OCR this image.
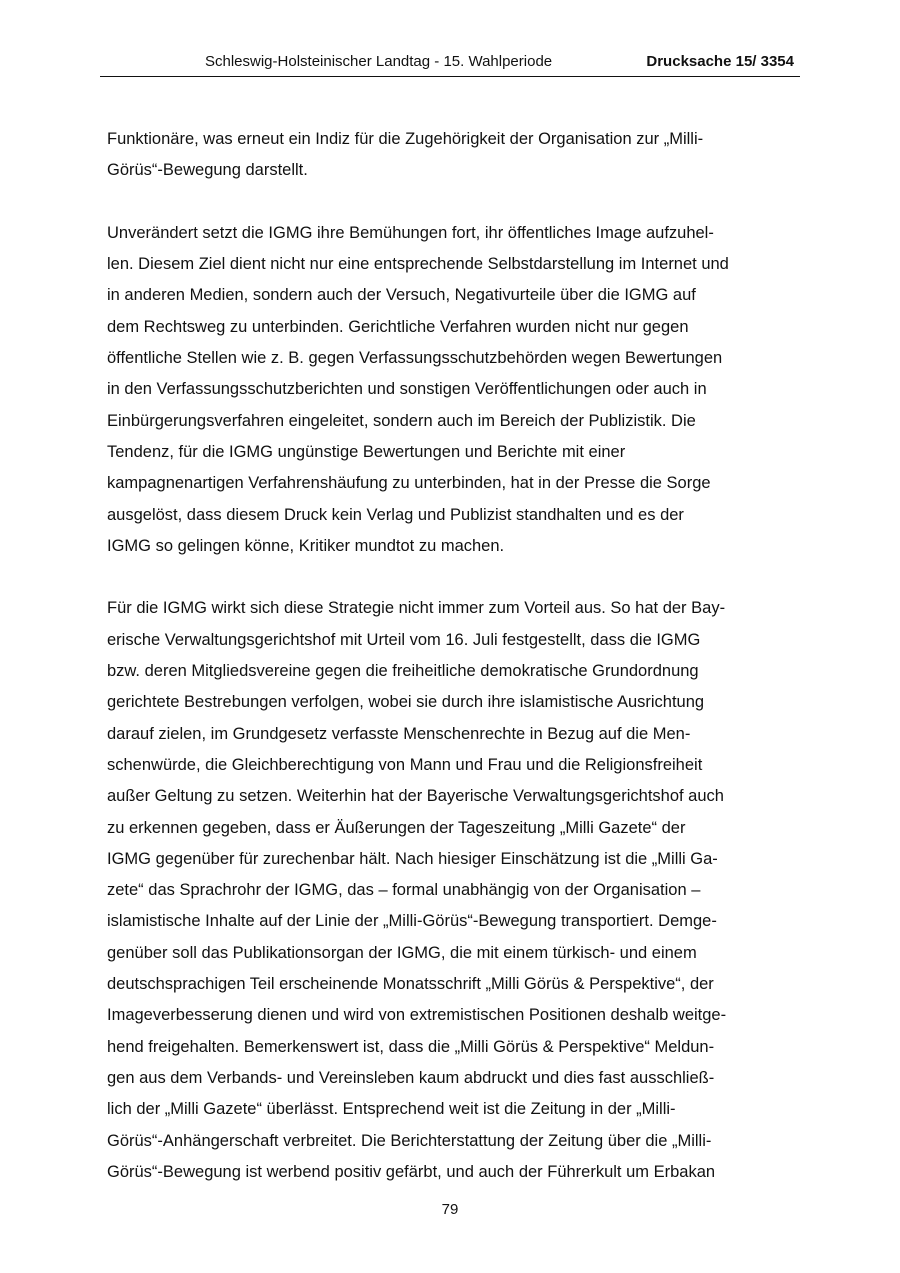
Schleswig-Holsteinischer Landtag - 15. Wahlperiode	Drucksache 15/ 3354

Funktionäre, was erneut ein Indiz für die Zugehörigkeit der Organisation zur „Milli-
Görüs“-Bewegung darstellt.

Unverändert setzt die IGMG ihre Bemühungen fort, ihr öffentliches Image aufzuhel-
len. Diesem Ziel dient nicht nur eine entsprechende Selbstdarstellung im Internet und
in anderen Medien, sondern auch der Versuch, Negativurteile über die IGMG auf
dem Rechtsweg zu unterbinden. Gerichtliche Verfahren wurden nicht nur gegen
öffentliche Stellen wie z. B. gegen Verfassungsschutzbehörden wegen Bewertungen
in den Verfassungsschutzberichten und sonstigen Veröffentlichungen oder auch in
Einbürgerungsverfahren eingeleitet, sondern auch im Bereich der Publizistik. Die
Tendenz, für die IGMG ungünstige Bewertungen und Berichte mit einer
kampagnenartigen Verfahrenshäufung zu unterbinden, hat in der Presse die Sorge
ausgelöst, dass diesem Druck kein Verlag und Publizist standhalten und es der
IGMG so gelingen könne, Kritiker mundtot zu machen.

Für die IGMG wirkt sich diese Strategie nicht immer zum Vorteil aus. So hat der Bay-
erische Verwaltungsgerichtshof mit Urteil vom 16. Juli festgestellt, dass die IGMG
bzw. deren Mitgliedsvereine gegen die freiheitliche demokratische Grundordnung
gerichtete Bestrebungen verfolgen, wobei sie durch ihre islamistische Ausrichtung
darauf zielen, im Grundgesetz verfasste Menschenrechte in Bezug auf die Men-
schenwürde, die Gleichberechtigung von Mann und Frau und die Religionsfreiheit
außer Geltung zu setzen. Weiterhin hat der Bayerische Verwaltungsgerichtshof auch
zu erkennen gegeben, dass er Äußerungen der Tageszeitung „Milli Gazete“ der
IGMG gegenüber für zurechenbar hält. Nach hiesiger Einschätzung ist die „Milli Ga-
zete“ das Sprachrohr der IGMG, das – formal unabhängig von der Organisation –
islamistische Inhalte auf der Linie der „Milli-Görüs“-Bewegung transportiert. Demge-
genüber soll das Publikationsorgan der IGMG, die mit einem türkisch- und einem
deutschsprachigen Teil erscheinende Monatsschrift „Milli Görüs & Perspektive“, der
Imageverbesserung dienen und wird von extremistischen Positionen deshalb weitge-
hend freigehalten. Bemerkenswert ist, dass die „Milli Görüs & Perspektive“ Meldun-
gen aus dem Verbands- und Vereinsleben kaum abdruckt und dies fast ausschließ-
lich der „Milli Gazete“ überlässt. Entsprechend weit ist die Zeitung in der „Milli-
Görüs“-Anhängerschaft verbreitet. Die Berichterstattung der Zeitung über die „Milli-
Görüs“-Bewegung ist werbend positiv gefärbt, und auch der Führerkult um Erbakan

79
